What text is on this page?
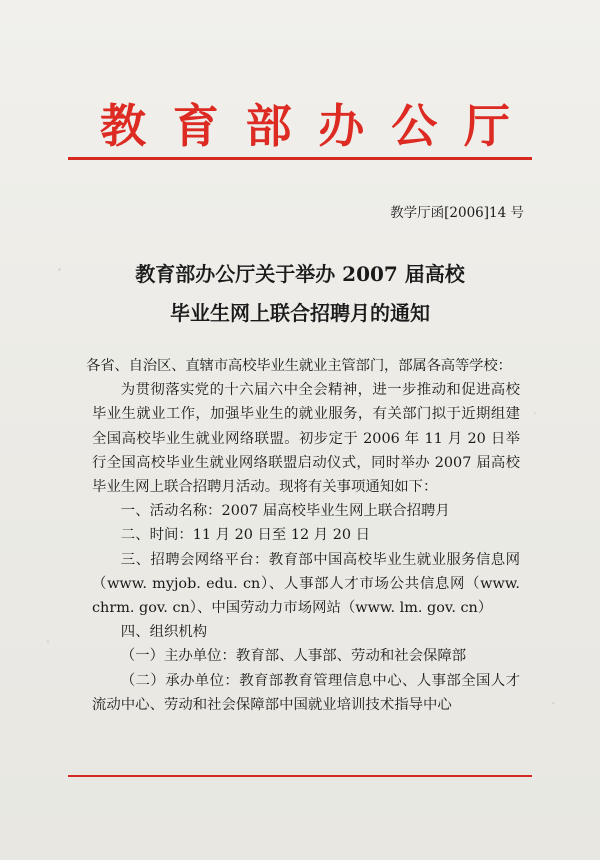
教 育 部 办 公 厅

教学厅函[2006]14 号

教育部办公厅关于举办 2007 届高校
毕业生网上联合招聘月的通知

各省、自治区、直辖市高校毕业生就业主管部门，部属各高等学校：

为贯彻落实党的十六届六中全会精神，进一步推动和促进高校毕业生就业工作，加强毕业生的就业服务，有关部门拟于近期组建全国高校毕业生就业网络联盟。初步定于 2006 年 11 月 20 日举行全国高校毕业生就业网络联盟启动仪式，同时举办 2007 届高校毕业生网上联合招聘月活动。现将有关事项通知如下：

一、活动名称：2007 届高校毕业生网上联合招聘月

二、时间：11 月 20 日至 12 月 20 日

三、招聘会网络平台：教育部中国高校毕业生就业服务信息网（www. myjob. edu. cn）、人事部人才市场公共信息网（www. chrm. gov. cn）、中国劳动力市场网站（www. lm. gov. cn）

四、组织机构

（一）主办单位：教育部、人事部、劳动和社会保障部

（二）承办单位：教育部教育管理信息中心、人事部全国人才流动中心、劳动和社会保障部中国就业培训技术指导中心
